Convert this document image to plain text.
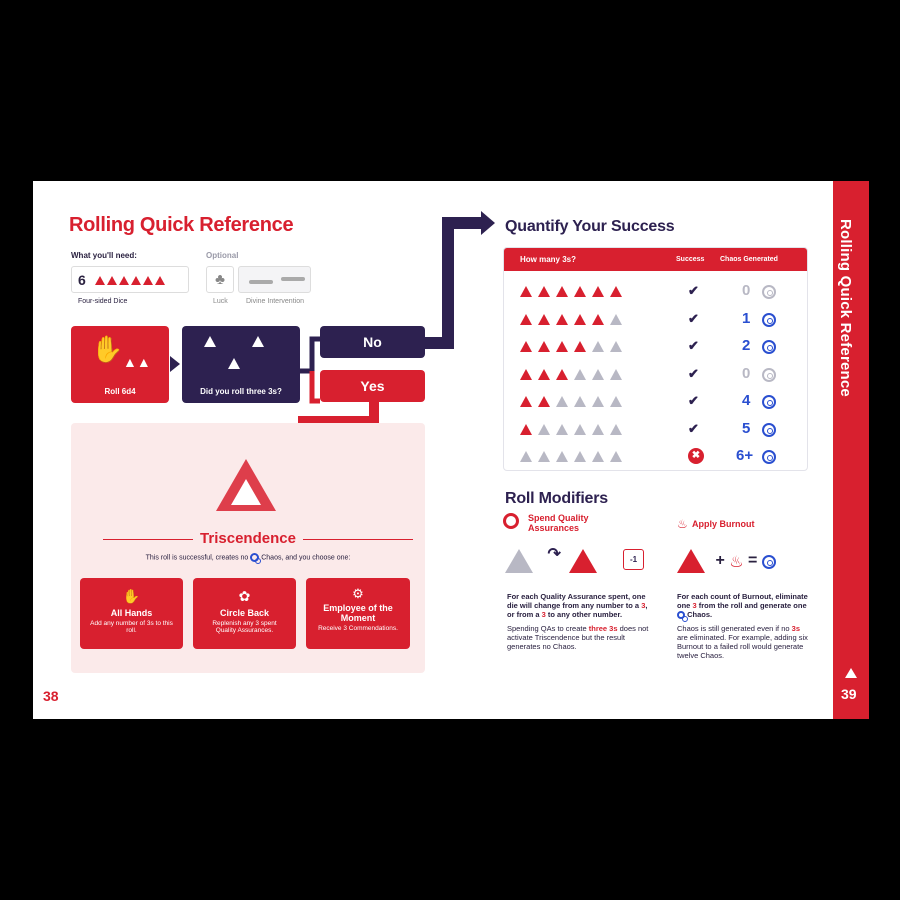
Rolling Quick Reference
What you'll need:	Optional
6
Four-sided Dice
♣
Luck	Divine Intervention
✋ ▲▲
Roll 6d4	Did you roll three 3s?
No
Yes
Triscendence
This roll is successful, creates no Chaos, and you choose one:
✋
All Hands
Add any number of 3s to this roll.
✿
Circle Back
Replenish any 3 spent Quality Assurances.
⚙
Employee of the Moment
Receive 3 Commendations.
38
Quantify Your Success
How many 3s?	Success Chaos Generated
✔	0
✔	1
✔	2
✔	0
✔	4
✔	5
✖ 6+
Roll Modifiers
Spend Quality Assurances	♨ Apply Burnout
↷	-1	+ ♨ =

For each Quality Assurance spent, one die will change from any number to a 3, or from a 3 to any other number.

Spending QAs to create three 3s does not activate Triscendence but the result generates no Chaos.

For each count of Burnout, eliminate one 3 from the roll and generate one  Chaos.

Chaos is still generated even if no 3s are eliminated. For example, adding six Burnout to a failed roll would generate twelve Chaos.

Rolling Quick Reference
39
